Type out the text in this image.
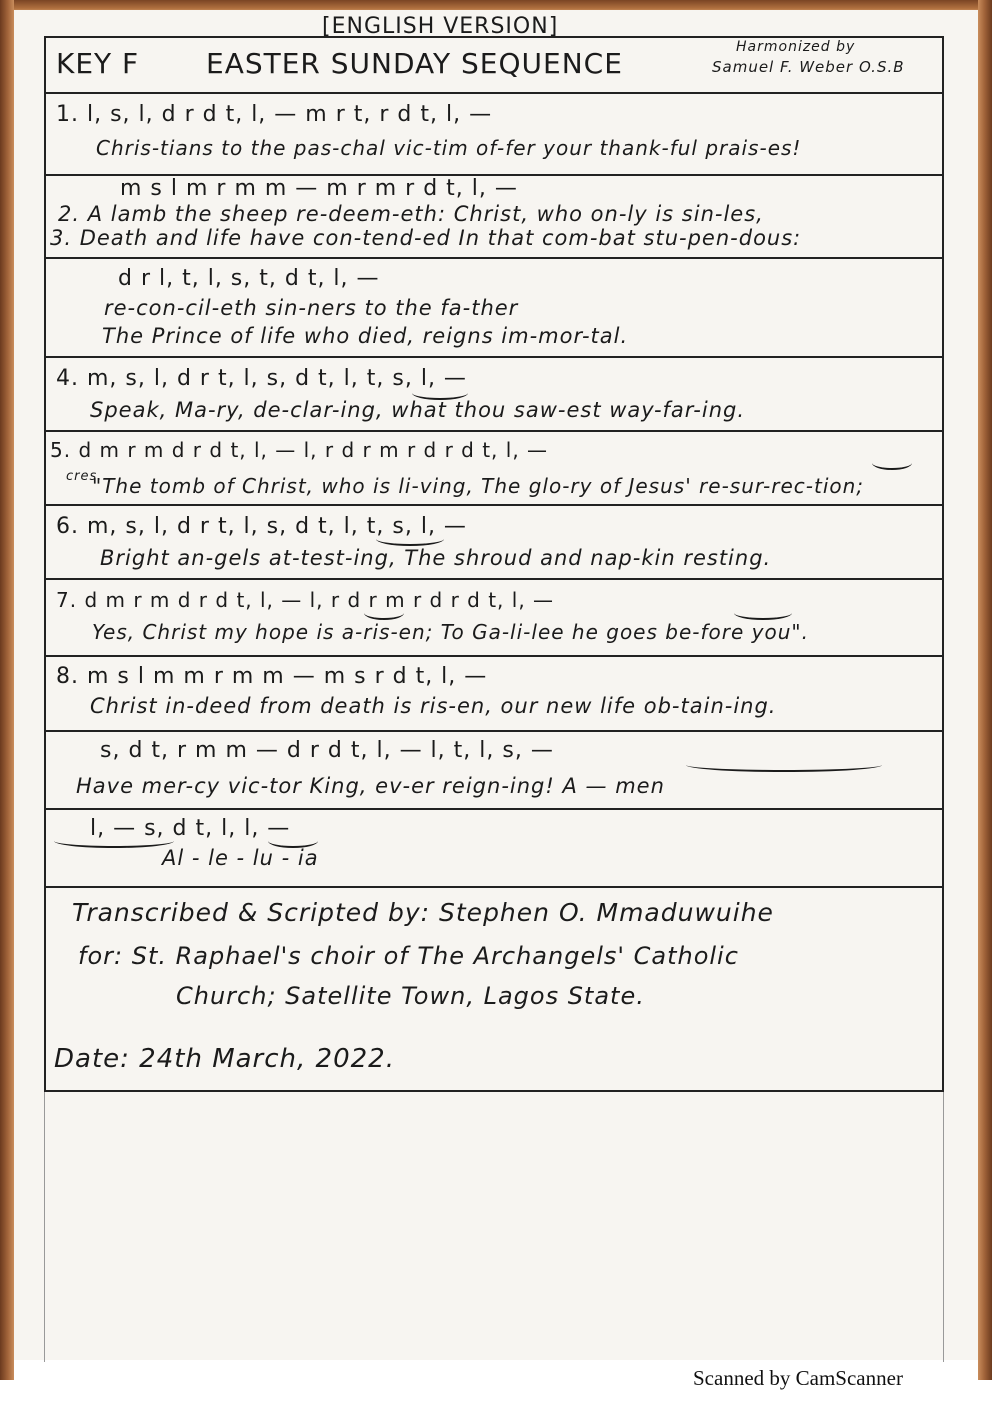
[ENGLISH VERSION]
KEY F EASTER SUNDAY SEQUENCE	Harmonized by
Samuel F. Weber O.S.B
1. l, s, l, d r d t, l, — m r t, r d t, l, —
Chris-tians to the pas-chal vic-tim of-fer your thank-ful prais-es!
m s l m r m m — m r m r d t, l, —
2. A lamb the sheep re-deem-eth: Christ, who on-ly is sin-les,
3. Death and life have con-tend-ed In that com-bat stu-pen-dous:
d r l, t, l, s, t, d t, l, —
re-con-cil-eth sin-ners to the fa-ther
The Prince of life who died, reigns im-mor-tal.
4. m, s, l, d r t, l, s, d t, l, t, s, l, —
Speak, Ma-ry, de-clar-ing, what thou saw-est way-far-ing.
5. d m r m d r d t, l, — l, r d r m r d r d t, l, —
cres.
"The tomb of Christ, who is li-ving, The glo-ry of Jesus' re-sur-rec-tion;
6. m, s, l, d r t, l, s, d t, l, t, s, l, —
Bright an-gels at-test-ing, The shroud and nap-kin resting.
7. d m r m d r d t, l, — l, r d r m r d r d t, l, —
Yes, Christ my hope is a-ris-en; To Ga-li-lee he goes be-fore you".
8. m s l m m r m m — m s r d t, l, —
Christ in-deed from death is ris-en, our new life ob-tain-ing.
s, d t, r m m — d r d t, l, — l, t, l, s, —
Have mer-cy vic-tor King, ev-er reign-ing! A — men
l, — s, d t, l, l, —
Al - le - lu - ia
Transcribed & Scripted by: Stephen O. Mmaduwuihe
for: St. Raphael's choir of The Archangels' Catholic
Church; Satellite Town, Lagos State.
Date: 24th March, 2022.
Scanned by CamScanner
